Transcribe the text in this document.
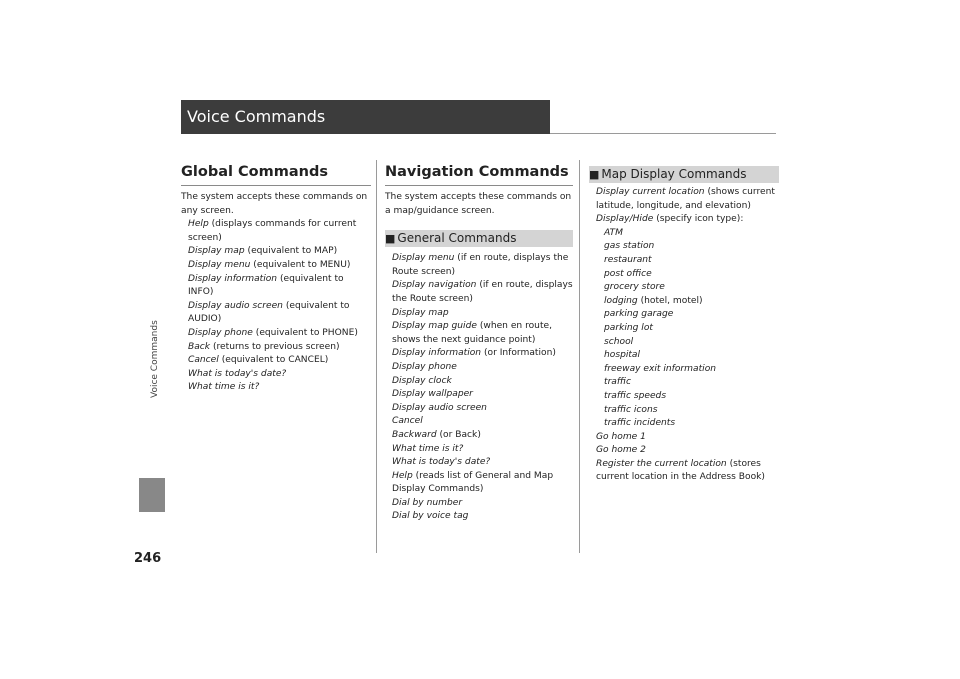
Voice Commands
Voice Commands
246
Global Commands
The system accepts these commands on any screen.
Help (displays commands for current screen)
Display map (equivalent to MAP)
Display menu (equivalent to MENU)
Display information (equivalent to INFO)
Display audio screen (equivalent to AUDIO)
Display phone (equivalent to PHONE)
Back (returns to previous screen)
Cancel (equivalent to CANCEL)
What is today's date?
What time is it?
Navigation Commands
The system accepts these commands on a map/guidance screen.
■ General Commands
Display menu (if en route, displays the Route screen)
Display navigation (if en route, displays the Route screen)
Display map
Display map guide (when en route, shows the next guidance point)
Display information (or Information)
Display phone
Display clock
Display wallpaper
Display audio screen
Cancel
Backward (or Back)
What time is it?
What is today's date?
Help (reads list of General and Map Display Commands)
Dial by number
Dial by voice tag
■ Map Display Commands
Display current location (shows current latitude, longitude, and elevation)
Display/Hide (specify icon type):
ATM
gas station
restaurant
post office
grocery store
lodging (hotel, motel)
parking garage
parking lot
school
hospital
freeway exit information
traffic
traffic speeds
traffic icons
traffic incidents
Go home 1
Go home 2
Register the current location (stores current location in the Address Book)
